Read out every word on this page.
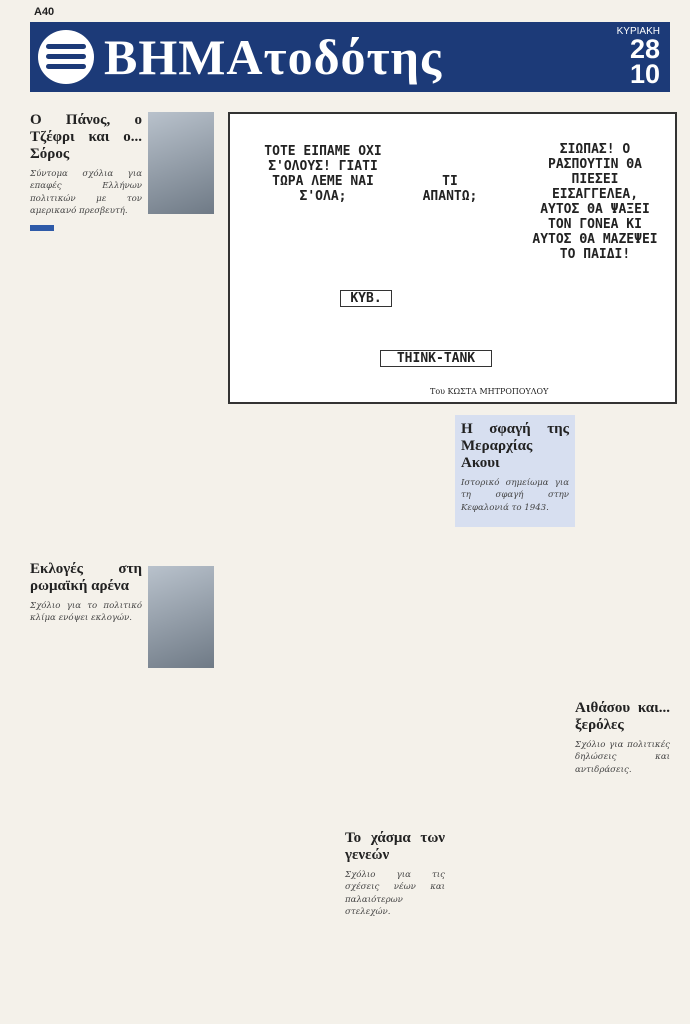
A40
ΒΗΜΑτοδότης	ΚΥΡΙΑΚΗ
28
10
Ο Πάνος, ο Τζέφρι και ο... Σόρος

Σύντομα σχόλια για επαφές Ελλήνων πολιτικών με τον αμερικανό πρεσβευτή.

Εκλογές στη ρωμαϊκή αρένα

Σχόλιο για το πολιτικό κλίμα ενόψει εκλογών.

ΤΟΤΕ ΕΙΠΑΜΕ ΟΧΙ Σ'ΟΛΟΥΣ! ΓΙΑΤΙ ΤΩΡΑ ΛΕΜΕ ΝΑΙ Σ'ΟΛΑ;
ΤΙ ΑΠΑΝΤΩ;
ΣΙΩΠΑΣ! Ο ΡΑΣΠΟΥΤΙΝ ΘΑ ΠΙΕΣΕΙ ΕΙΣΑΓΓΕΛΕΑ, ΑΥΤΟΣ ΘΑ ΨΑΞΕΙ ΤΟΝ ΓΟΝΕΑ ΚΙ ΑΥΤΟΣ ΘΑ ΜΑΖΕΨΕΙ ΤΟ ΠΑΙΔΙ!
ΚΥΒ.
THINK-TANK
Του ΚΩΣΤΑ ΜΗΤΡΟΠΟΥΛΟΥ
Το χάσμα των γενεών

Σχόλιο για τις σχέσεις νέων και παλαιότερων στελεχών.

Η σφαγή της Μεραρχίας Ακουι

Ιστορικό σημείωμα για τη σφαγή στην Κεφαλονιά το 1943.

Αιθάσου και... ξερόλες

Σχόλιο για πολιτικές δηλώσεις και αντιδράσεις.
